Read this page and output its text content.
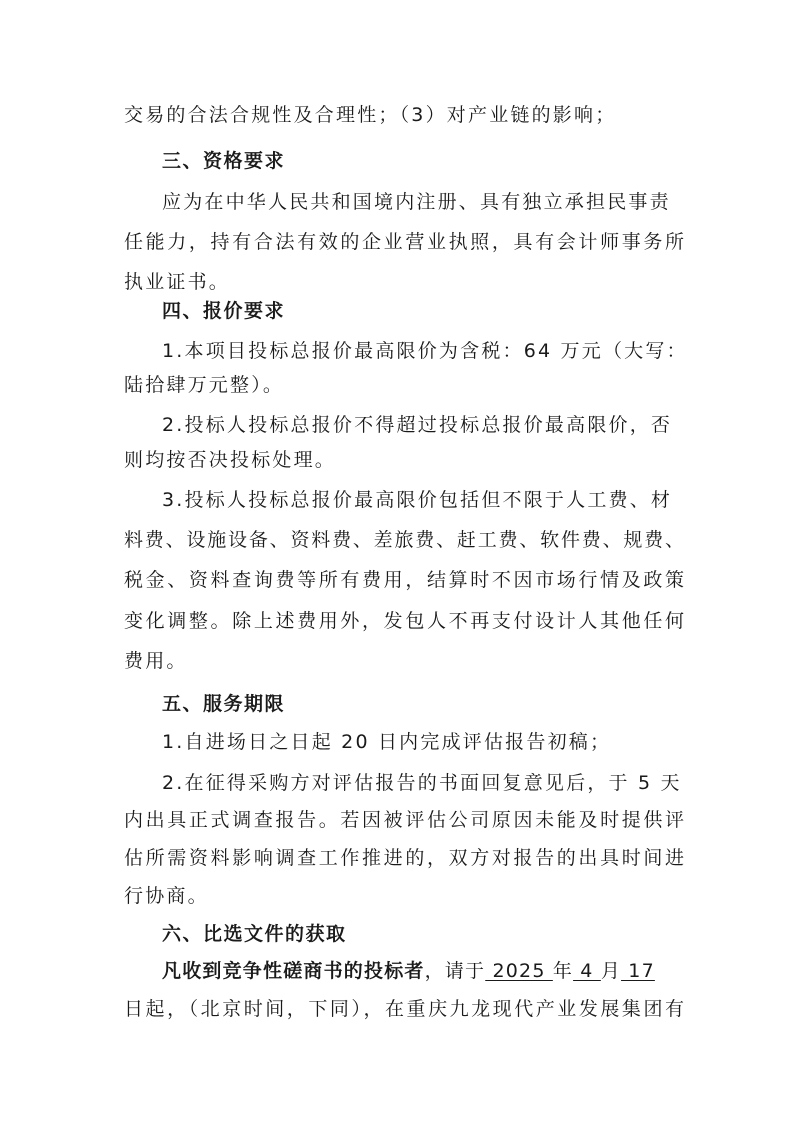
交易的合法合规性及合理性；（3）对产业链的影响；
三、资格要求
应为在中华人民共和国境内注册、具有独立承担民事责
任能力，持有合法有效的企业营业执照，具有会计师事务所
执业证书。
四、报价要求
1.本项目投标总报价最高限价为含税：64 万元（大写：
陆拾肆万元整）。
2.投标人投标总报价不得超过投标总报价最高限价，否
则均按否决投标处理。
3.投标人投标总报价最高限价包括但不限于人工费、材
料费、设施设备、资料费、差旅费、赶工费、软件费、规费、
税金、资料查询费等所有费用，结算时不因市场行情及政策
变化调整。除上述费用外，发包人不再支付设计人其他任何
费用。
五、服务期限
1.自进场日之日起 20 日内完成评估报告初稿；
2.在征得采购方对评估报告的书面回复意见后，于 5 天
内出具正式调查报告。若因被评估公司原因未能及时提供评
估所需资料影响调查工作推进的，双方对报告的出具时间进
行协商。
六、比选文件的获取
凡收到竞争性磋商书的投标者，请于 2025 年 4 月 17
日起，（北京时间，下同），在重庆九龙现代产业发展集团有
